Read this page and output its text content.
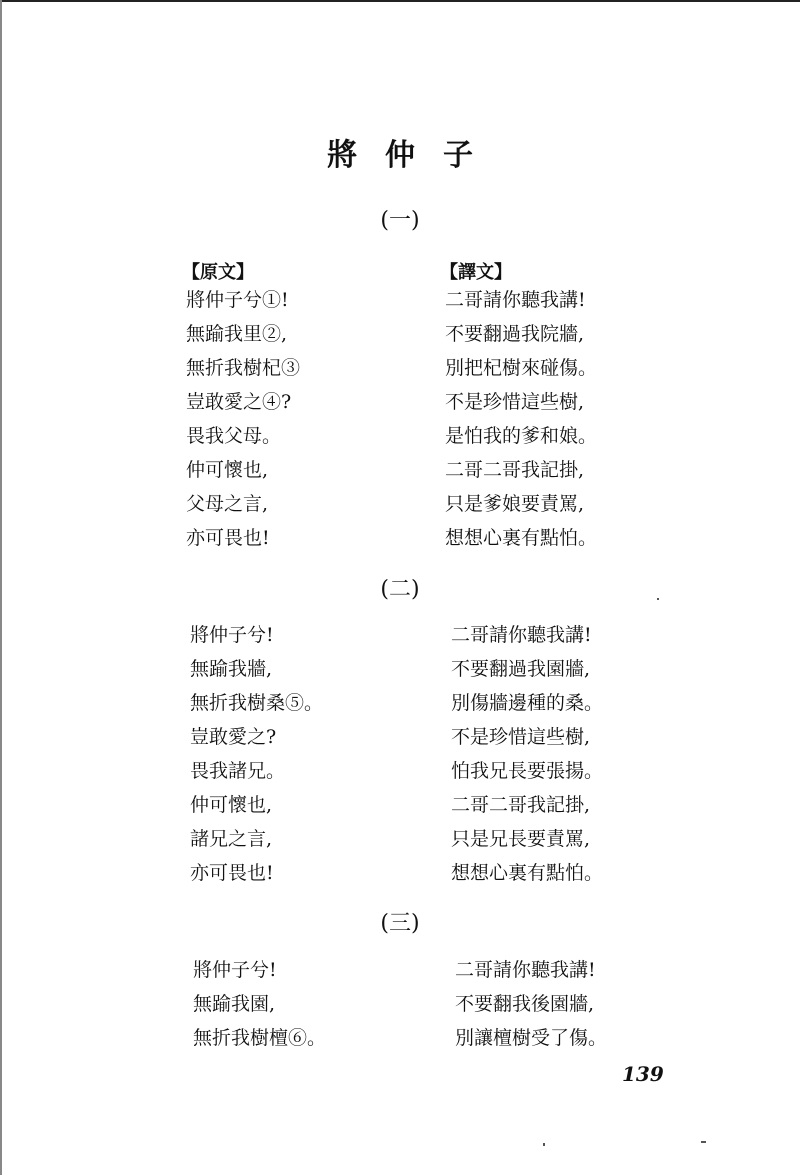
將仲子
(一)
【原文】	【譯文】
將仲子兮①!
無踰我里②,
無折我樹杞③
豈敢愛之④?
畏我父母。
仲可懷也,
父母之言,
亦可畏也!
二哥請你聽我講!
不要翻過我院牆,
別把杞樹來碰傷。
不是珍惜這些樹,
是怕我的爹和娘。
二哥二哥我記掛,
只是爹娘要責罵,
想想心裏有點怕。
(二)
將仲子兮!
無踰我牆,
無折我樹桑⑤。
豈敢愛之?
畏我諸兄。
仲可懷也,
諸兄之言,
亦可畏也!
二哥請你聽我講!
不要翻過我園牆,
別傷牆邊種的桑。
不是珍惜這些樹,
怕我兄長要張揚。
二哥二哥我記掛,
只是兄長要責罵,
想想心裏有點怕。
(三)
將仲子兮!
無踰我園,
無折我樹檀⑥。
二哥請你聽我講!
不要翻我後園牆,
別讓檀樹受了傷。
139
